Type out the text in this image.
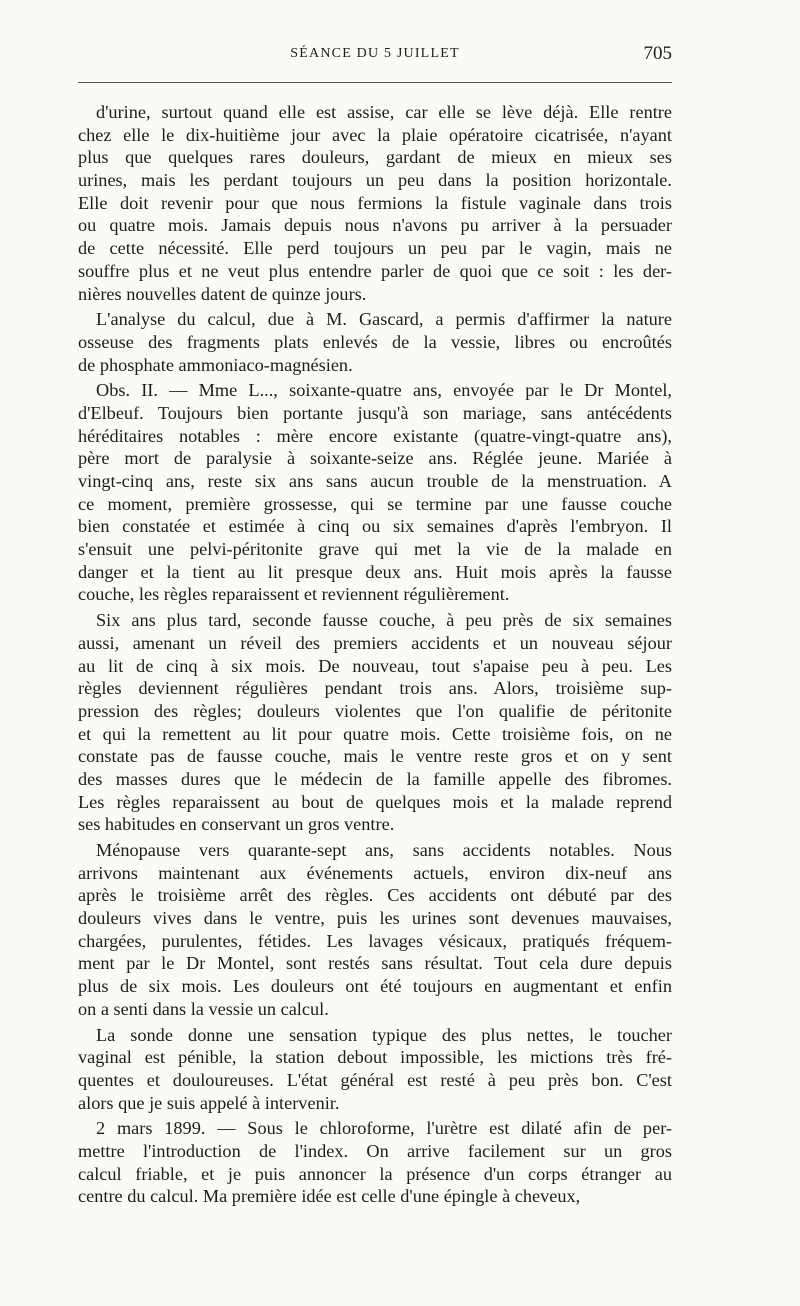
SÉANCE DU 5 JUILLET	705
d'urine, surtout quand elle est assise, car elle se lève déjà. Elle rentre
chez elle le dix-huitième jour avec la plaie opératoire cicatrisée, n'ayant
plus que quelques rares douleurs, gardant de mieux en mieux ses
urines, mais les perdant toujours un peu dans la position horizontale.
Elle doit revenir pour que nous fermions la fistule vaginale dans trois
ou quatre mois. Jamais depuis nous n'avons pu arriver à la persuader
de cette nécessité. Elle perd toujours un peu par le vagin, mais ne
souffre plus et ne veut plus entendre parler de quoi que ce soit : les der-
nières nouvelles datent de quinze jours.
L'analyse du calcul, due à M. Gascard, a permis d'affirmer la nature
osseuse des fragments plats enlevés de la vessie, libres ou encroûtés
de phosphate ammoniaco-magnésien.
Obs. II. — Mme L..., soixante-quatre ans, envoyée par le Dr Montel,
d'Elbeuf. Toujours bien portante jusqu'à son mariage, sans antécédents
héréditaires notables : mère encore existante (quatre-vingt-quatre ans),
père mort de paralysie à soixante-seize ans. Réglée jeune. Mariée à
vingt-cinq ans, reste six ans sans aucun trouble de la menstruation. A
ce moment, première grossesse, qui se termine par une fausse couche
bien constatée et estimée à cinq ou six semaines d'après l'embryon. Il
s'ensuit une pelvi-péritonite grave qui met la vie de la malade en
danger et la tient au lit presque deux ans. Huit mois après la fausse
couche, les règles reparaissent et reviennent régulièrement.
Six ans plus tard, seconde fausse couche, à peu près de six semaines
aussi, amenant un réveil des premiers accidents et un nouveau séjour
au lit de cinq à six mois. De nouveau, tout s'apaise peu à peu. Les
règles deviennent régulières pendant trois ans. Alors, troisième sup-
pression des règles; douleurs violentes que l'on qualifie de péritonite
et qui la remettent au lit pour quatre mois. Cette troisième fois, on ne
constate pas de fausse couche, mais le ventre reste gros et on y sent
des masses dures que le médecin de la famille appelle des fibromes.
Les règles reparaissent au bout de quelques mois et la malade reprend
ses habitudes en conservant un gros ventre.
Ménopause vers quarante-sept ans, sans accidents notables. Nous
arrivons maintenant aux événements actuels, environ dix-neuf ans
après le troisième arrêt des règles. Ces accidents ont débuté par des
douleurs vives dans le ventre, puis les urines sont devenues mauvaises,
chargées, purulentes, fétides. Les lavages vésicaux, pratiqués fréquem-
ment par le Dr Montel, sont restés sans résultat. Tout cela dure depuis
plus de six mois. Les douleurs ont été toujours en augmentant et enfin
on a senti dans la vessie un calcul.
La sonde donne une sensation typique des plus nettes, le toucher
vaginal est pénible, la station debout impossible, les mictions très fré-
quentes et douloureuses. L'état général est resté à peu près bon. C'est
alors que je suis appelé à intervenir.
2 mars 1899. — Sous le chloroforme, l'urètre est dilaté afin de per-
mettre l'introduction de l'index. On arrive facilement sur un gros
calcul friable, et je puis annoncer la présence d'un corps étranger au
centre du calcul. Ma première idée est celle d'une épingle à cheveux,
